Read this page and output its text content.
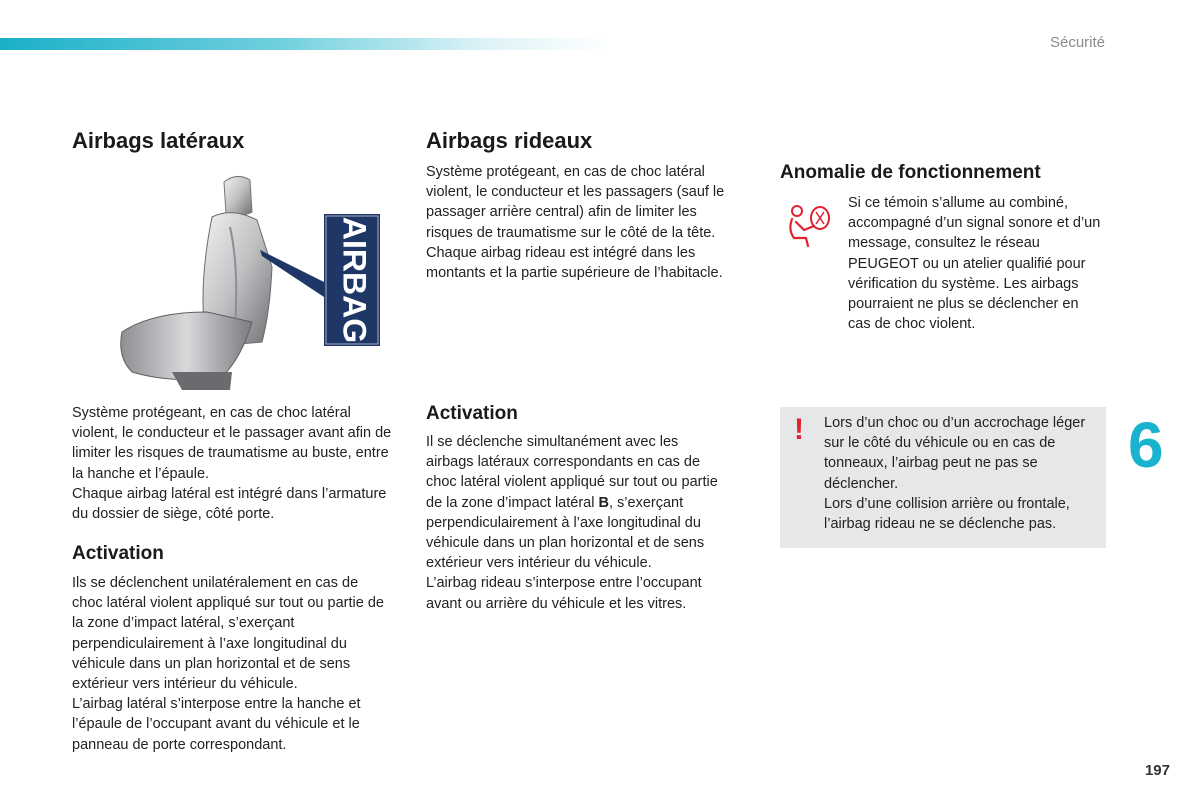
Sécurité
Airbags latéraux
AIRBAG

Système protégeant, en cas de choc latéral violent, le conducteur et le passager avant afin de limiter les risques de traumatisme au buste, entre la hanche et l’épaule.

Chaque airbag latéral est intégré dans l’armature du dossier de siège, côté porte.

Activation

Ils se déclenchent unilatéralement en cas de choc latéral violent appliqué sur tout ou partie de la zone d’impact latéral, s’exerçant perpendiculairement à l’axe longitudinal du véhicule dans un plan horizontal et de sens extérieur vers intérieur du véhicule.

L’airbag latéral s’interpose entre la hanche et l’épaule de l’occupant avant du véhicule et le panneau de porte correspondant.

Airbags rideaux

Système protégeant, en cas de choc latéral violent, le conducteur et les passagers (sauf le passager arrière central) afin de limiter les risques de traumatisme sur le côté de la tête.

Chaque airbag rideau est intégré dans les montants et la partie supérieure de l’habitacle.

Activation

Il se déclenche simultanément avec les airbags latéraux correspondants en cas de choc latéral violent appliqué sur tout ou partie de la zone d’impact latéral B, s’exerçant perpendiculairement à l’axe longitudinal du véhicule dans un plan horizontal et de sens extérieur vers intérieur du véhicule.

L’airbag rideau s’interpose entre l’occupant avant ou arrière du véhicule et les vitres.

Anomalie de fonctionnement
Si ce témoin s’allume au combiné, accompagné d’un signal sonore et d’un message, consultez le réseau PEUGEOT ou un atelier qualifié pour vérification du système. Les airbags pourraient ne plus se déclencher en cas de choc violent.
! Lors d’un choc ou d’un accrochage léger sur le côté du véhicule ou en cas de tonneaux, l’airbag peut ne pas se déclencher.

Lors d’une collision arrière ou frontale, l’airbag rideau ne se déclenche pas.

6
197
